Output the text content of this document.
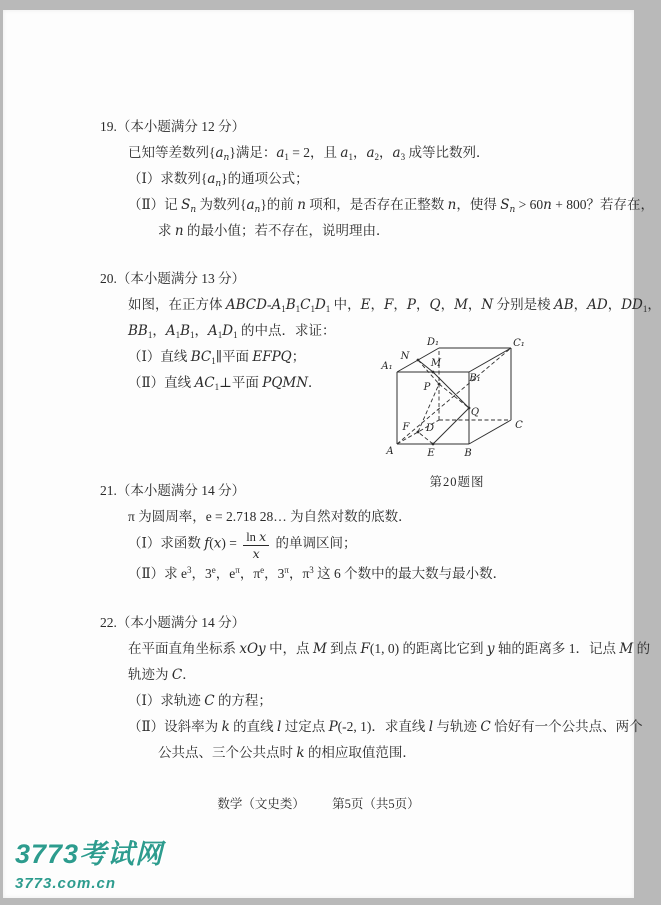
19.（本小题满分 12 分）
已知等差数列$\{a_n\}$满足：$a_1 = 2$，且 $a_1$，$a_2$，$a_3$ 成等比数列．
（Ⅰ）求数列$\{a_n\}$的通项公式；
（Ⅱ）记 $S_n$ 为数列$\{a_n\}$的前 n 项和，是否存在正整数 n，使得 $S_n > 60n + 800$？若存在，
求 n 的最小值；若不存在，说明理由．
20.（本小题满分 13 分）
如图，在正方体 ABCD-$A_1B_1C_1D_1$ 中，E，F，P，Q，M，N 分别是棱 AB，AD，$DD_1$，
$BB_1$，$A_1B_1$，$A_1D_1$ 的中点．求证：
（Ⅰ）直线 $BC_1\parallel$平面 EFPQ；
（Ⅱ）直线 $AC_1\perp$平面 PQMN．
A	B
C
D
A₁
B₁
C₁
D₁
E
F
P
Q
M
N
第20题图
21.（本小题满分 14 分）
π 为圆周率，e = 2.718 28… 为自然对数的底数．
（Ⅰ）求函数 $f(x) = \frac{\text{ln x}}{x}$ 的单调区间；
（Ⅱ）求 $e^3$，3e，$e^\pi$，$\pi^e$，$3^\pi$，$\pi^3$ 这 6 个数中的最大数与最小数．
22.（本小题满分 14 分）
在平面直角坐标系 xOy 中，点 M 到点 F(1, 0) 的距离比它到 y 轴的距离多 1．记点 M 的
轨迹为 C．
（Ⅰ）求轨迹 C 的方程；
（Ⅱ）设斜率为 k 的直线 l 过定点 P(-2, 1)．求直线 l 与轨迹 C 恰好有一个公共点、两个
公共点、三个公共点时 k 的相应取值范围．
数学（文史类） 第5页（共5页）
3773考试网
3773.com.cn
